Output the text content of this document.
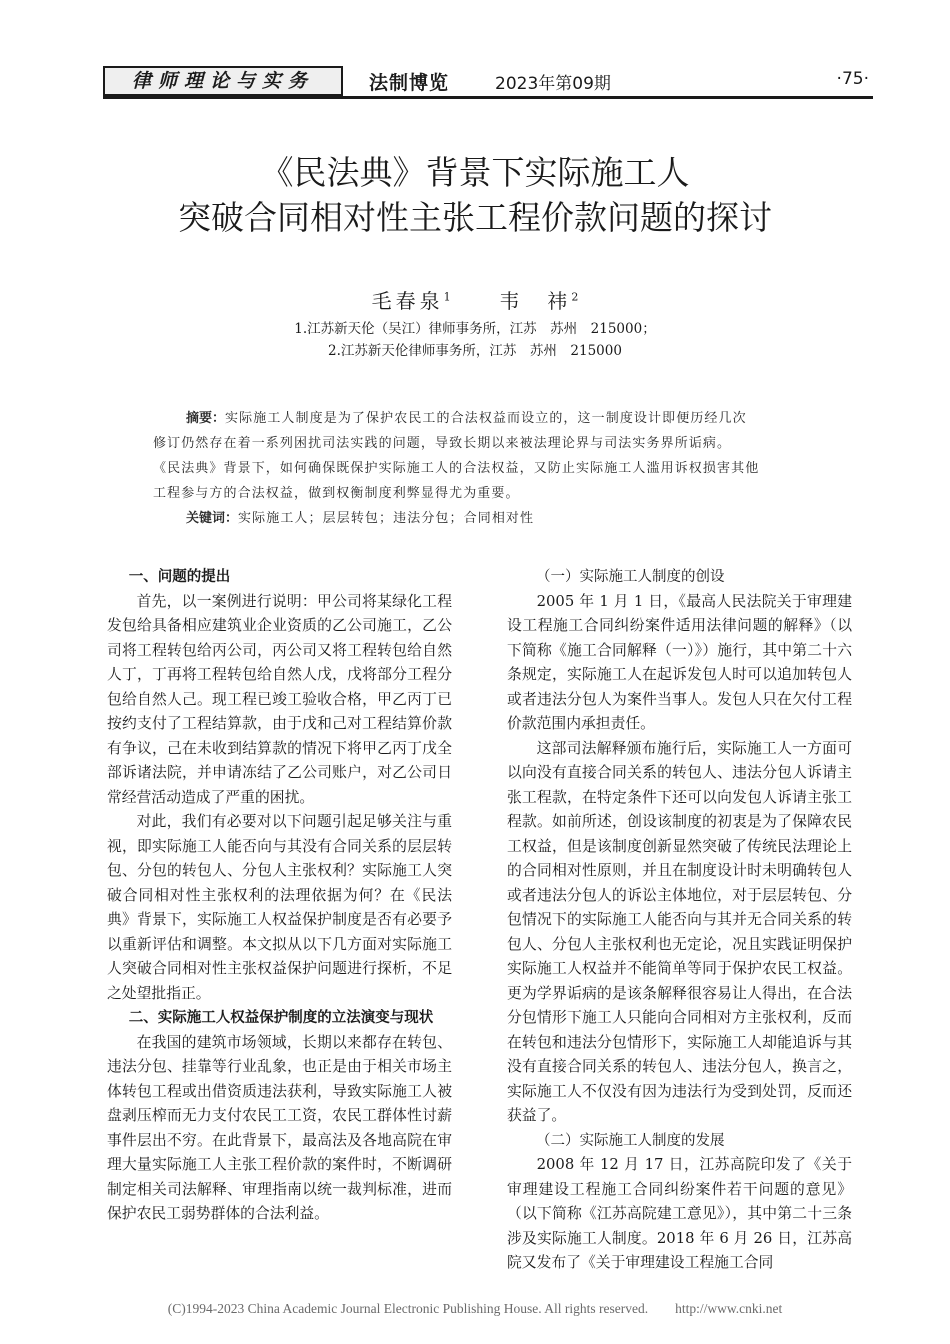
律师理论与实务	法制博览	2023年第09期	·75·
《民法典》背景下实际施工人
突破合同相对性主张工程价款问题的探讨
毛春泉$^1$ 韦　祎$^2$
1.江苏新天伦（吴江）律师事务所，江苏　苏州　215000；
2.江苏新天伦律师事务所，江苏　苏州　215000
摘要：实际施工人制度是为了保护农民工的合法权益而设立的，这一制度设计即便历经几次
修订仍然存在着一系列困扰司法实践的问题，导致长期以来被法理论界与司法实务界所诟病。
《民法典》背景下，如何确保既保护实际施工人的合法权益，又防止实际施工人滥用诉权损害其他
工程参与方的合法权益，做到权衡制度利弊显得尤为重要。
关键词：实际施工人；层层转包；违法分包；合同相对性
一、问题的提出

首先，以一案例进行说明：甲公司将某绿化工程发包给具备相应建筑业企业资质的乙公司施工，乙公司将工程转包给丙公司，丙公司又将工程转包给自然人丁，丁再将工程转包给自然人戊，戊将部分工程分包给自然人己。现工程已竣工验收合格，甲乙丙丁已按约支付了工程结算款，由于戊和己对工程结算价款有争议，己在未收到结算款的情况下将甲乙丙丁戊全部诉诸法院，并申请冻结了乙公司账户，对乙公司日常经营活动造成了严重的困扰。

对此，我们有必要对以下问题引起足够关注与重视，即实际施工人能否向与其没有合同关系的层层转包、分包的转包人、分包人主张权利？实际施工人突破合同相对性主张权利的法理依据为何？在《民法典》背景下，实际施工人权益保护制度是否有必要予以重新评估和调整。本文拟从以下几方面对实际施工人突破合同相对性主张权益保护问题进行探析，不足之处望批指正。

二、实际施工人权益保护制度的立法演变与现状

在我国的建筑市场领域，长期以来都存在转包、违法分包、挂靠等行业乱象，也正是由于相关市场主体转包工程或出借资质违法获利，导致实际施工人被盘剥压榨而无力支付农民工工资，农民工群体性讨薪事件层出不穷。在此背景下，最高法及各地高院在审理大量实际施工人主张工程价款的案件时，不断调研制定相关司法解释、审理指南以统一裁判标准，进而保护农民工弱势群体的合法利益。

（一）实际施工人制度的创设

2005 年 1 月 1 日，《最高人民法院关于审理建设工程施工合同纠纷案件适用法律问题的解释》（以下简称《施工合同解释（一）》）施行，其中第二十六条规定，实际施工人在起诉发包人时可以追加转包人或者违法分包人为案件当事人。发包人只在欠付工程价款范围内承担责任。

这部司法解释颁布施行后，实际施工人一方面可以向没有直接合同关系的转包人、违法分包人诉请主张工程款，在特定条件下还可以向发包人诉请主张工程款。如前所述，创设该制度的初衷是为了保障农民工权益，但是该制度创新显然突破了传统民法理论上的合同相对性原则，并且在制度设计时未明确转包人或者违法分包人的诉讼主体地位，对于层层转包、分包情况下的实际施工人能否向与其并无合同关系的转包人、分包人主张权利也无定论，况且实践证明保护实际施工人权益并不能简单等同于保护农民工权益。更为学界诟病的是该条解释很容易让人得出，在合法分包情形下施工人只能向合同相对方主张权利，反而在转包和违法分包情形下，实际施工人却能追诉与其没有直接合同关系的转包人、违法分包人，换言之，实际施工人不仅没有因为违法行为受到处罚，反而还获益了。

（二）实际施工人制度的发展

2008 年 12 月 17 日，江苏高院印发了《关于审理建设工程施工合同纠纷案件若干问题的意见》（以下简称《江苏高院建工意见》），其中第二十三条涉及实际施工人制度。2018 年 6 月 26 日，江苏高院又发布了《关于审理建设工程施工合同

(C)1994-2023 China Academic Journal Electronic Publishing House. All rights reserved.　　http://www.cnki.net
